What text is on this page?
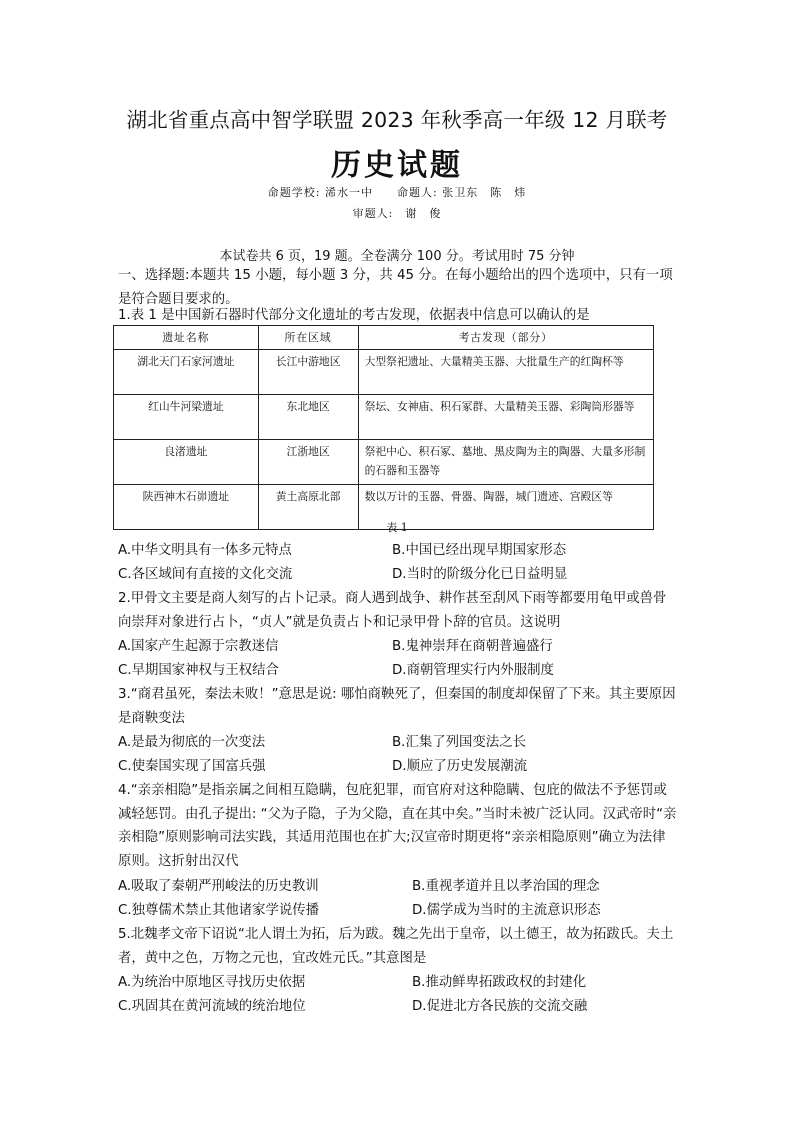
湖北省重点高中智学联盟 2023 年秋季高一年级 12 月联考
历史试题
命题学校: 浠水一中　　命题人: 张卫东　陈　炜
审题人:　谢　俊
本试卷共 6 页，19 题。全卷满分 100 分。考试用时 75 分钟
一、选择题:本题共 15 小题，每小题 3 分，共 45 分。在每小题给出的四个选项中，只有一项是符合题目要求的。
1.表 1 是中国新石器时代部分文化遗址的考古发现，依据表中信息可以确认的是
遗址名称	所在区域	考古发现（部分）
湖北天门石家河遗址	长江中游地区	大型祭祀遗址、大量精美玉器、大批量生产的红陶杯等
红山牛河梁遗址	东北地区	祭坛、女神庙、积石冢群、大量精美玉器、彩陶筒形器等
良渚遗址	江浙地区	祭祀中心、积石冢、墓地、黑皮陶为主的陶器、大量多形制的石器和玉器等
陕西神木石峁遗址	黄土高原北部	数以万计的玉器、骨器、陶器，城门遗迹、宫殿区等
表 1
A.中华文明具有一体多元特点	B.中国已经出现早期国家形态
C.各区域间有直接的文化交流	D.当时的阶级分化已日益明显
2.甲骨文主要是商人刻写的占卜记录。商人遇到战争、耕作甚至刮风下雨等都要用龟甲或兽骨向崇拜对象进行占卜，“贞人”就是负责占卜和记录甲骨卜辞的官员。这说明
A.国家产生起源于宗教迷信	B.鬼神崇拜在商朝普遍盛行
C.早期国家神权与王权结合	D.商朝管理实行内外服制度
3.“商君虽死，秦法未败！”意思是说: 哪怕商鞅死了，但秦国的制度却保留了下来。其主要原因是商鞅变法
A.是最为彻底的一次变法	B.汇集了列国变法之长
C.使秦国实现了国富兵强	D.顺应了历史发展潮流
4.“亲亲相隐”是指亲属之间相互隐瞒，包庇犯罪，而官府对这种隐瞒、包庇的做法不予惩罚或减轻惩罚。由孔子提出: “父为子隐，子为父隐，直在其中矣。”当时未被广泛认同。汉武帝时“亲亲相隐”原则影响司法实践，其适用范围也在扩大;汉宣帝时期更将“亲亲相隐原则”确立为法律原则。这折射出汉代
A.吸取了秦朝严刑峻法的历史教训	B.重视孝道并且以孝治国的理念
C.独尊儒术禁止其他诸家学说传播	D.儒学成为当时的主流意识形态
5.北魏孝文帝下诏说“北人谓土为拓，后为跋。魏之先出于皇帝，以土德王，故为拓跋氏。夫土者，黄中之色，万物之元也，宜改姓元氏。”其意图是
A.为统治中原地区寻找历史依据	B.推动鲜卑拓跋政权的封建化
C.巩固其在黄河流域的统治地位	D.促进北方各民族的交流交融
